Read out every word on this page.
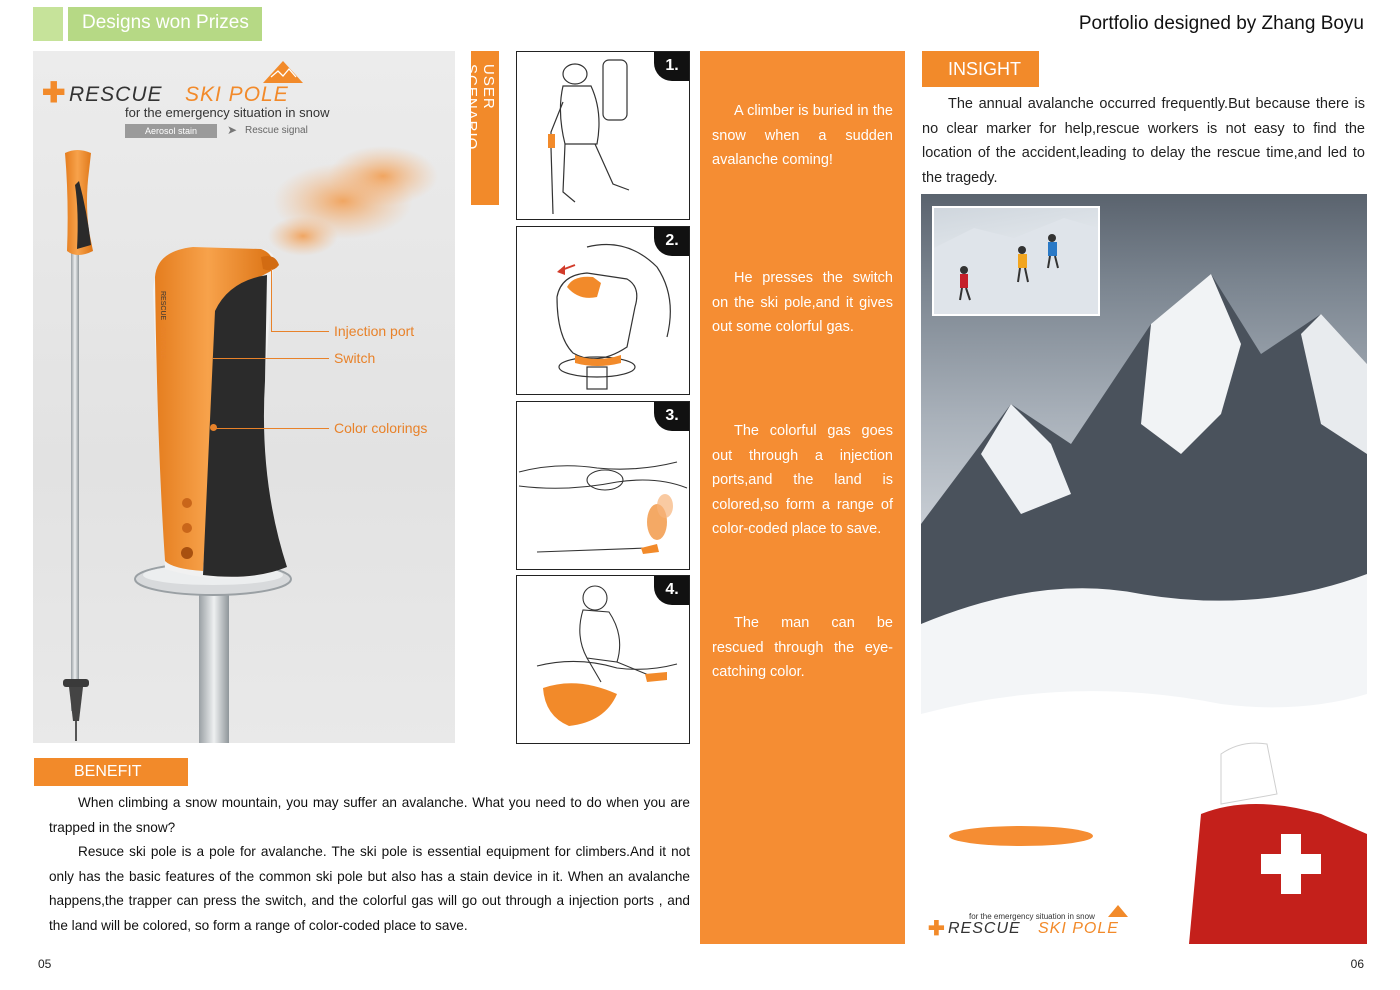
Designs won Prizes	Portfolio designed by Zhang Boyu
✚ RESCUE SKI POLE
for the emergency situation in snow
Aerosol stain	➤ Rescue signal
RESCUE
SKI POLE	Injection port
Switch
Color colorings
USER SCENARIO	1.
2.
3.
4.
A climber is buried in the snow when a sudden avalanche coming!
He presses the switch on the ski pole,and it gives out some colorful gas.
The colorful gas goes out through a injection ports,and the land is colored,so form a range of color-coded place to save.
The man can be rescued through the eye-catching color.
INSIGHT
The annual avalanche occurred frequently.But because there is no clear marker for help,rescue workers is not easy to find the location of the accident,leading to delay the rescue time,and led to the tragedy.
for the emergency situation in snow
✚ RESCUE SKI POLE
BENEFIT

When climbing a snow mountain, you may suffer an avalanche. What you need to do when you are trapped in the snow?

Resuce ski pole is a pole for avalanche. The ski pole is essential equipment for climbers.And it not only has the basic features of the common ski pole but also has a stain device in it. When an avalanche happens,the trapper can press the switch, and the colorful gas will go out through a injection ports , and the land will be colored, so form a range of color-coded place to save.

05	06
